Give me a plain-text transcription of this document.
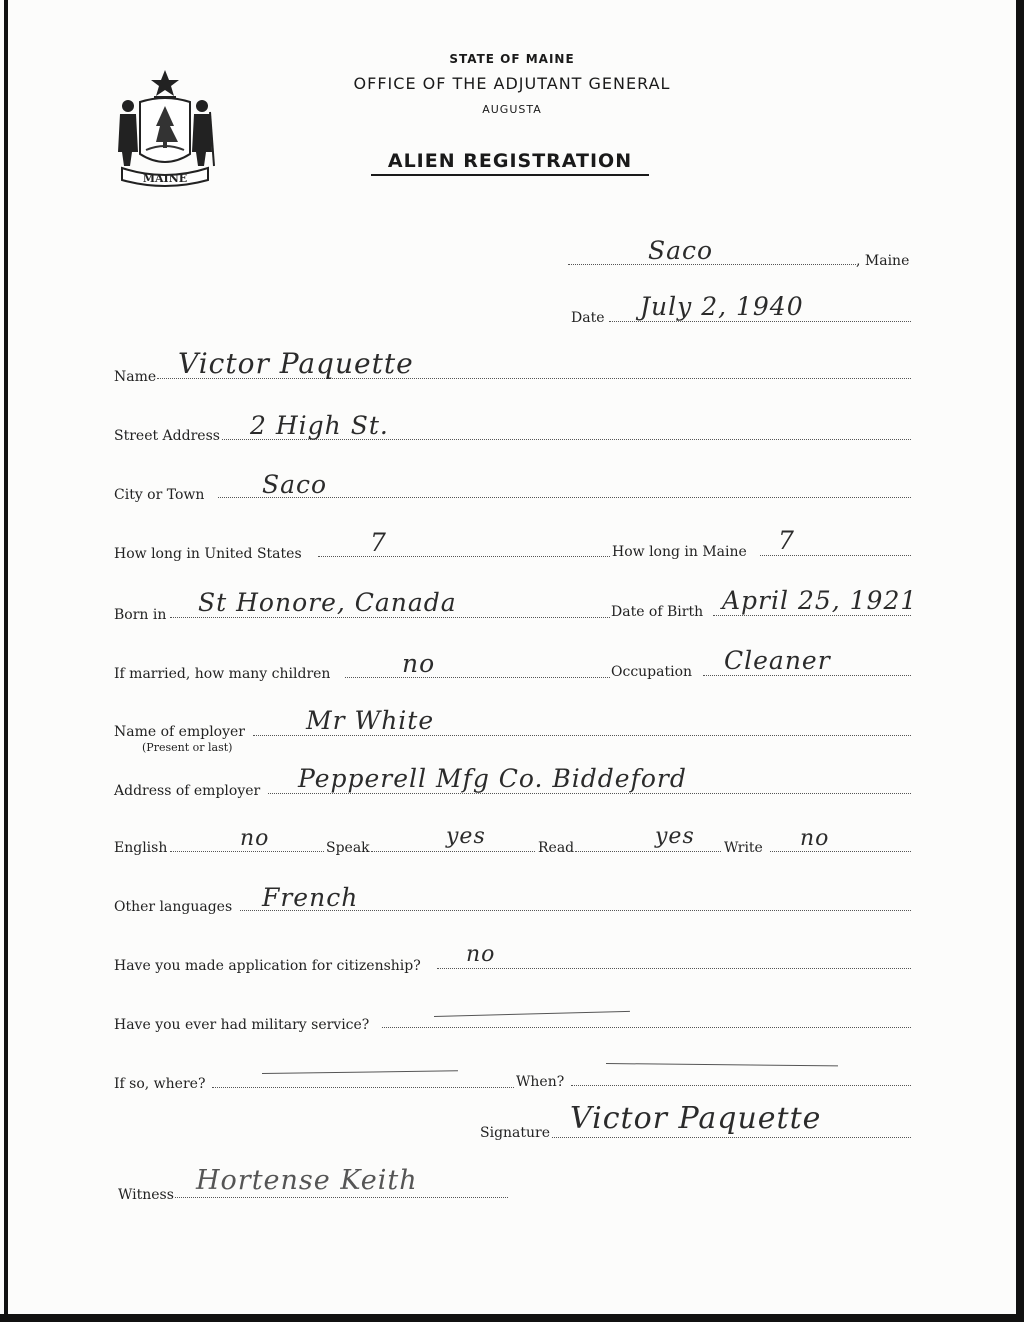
MAINE
STATE OF MAINE
OFFICE OF THE ADJUTANT GENERAL
AUGUSTA
ALIEN REGISTRATION
Saco	, Maine
Date July 2, 1940
Name Victor Paquette
Street Address 2 High St.
City or Town Saco
How long in United States	7	How long in Maine 7
Born in St Honore, Canada	Date of Birth April 25, 1921
If married, how many children	no	Occupation Cleaner
Name of employer
(Present or last)
Mr White
Address of employer Pepperell Mfg Co. Biddeford
English	no	Speak	yes	Read	yes Write no
Other languages French
Have you made application for citizenship? no
Have you ever had military service?
If so, where?	When?
Signature Victor Paquette
Witness Hortense Keith
